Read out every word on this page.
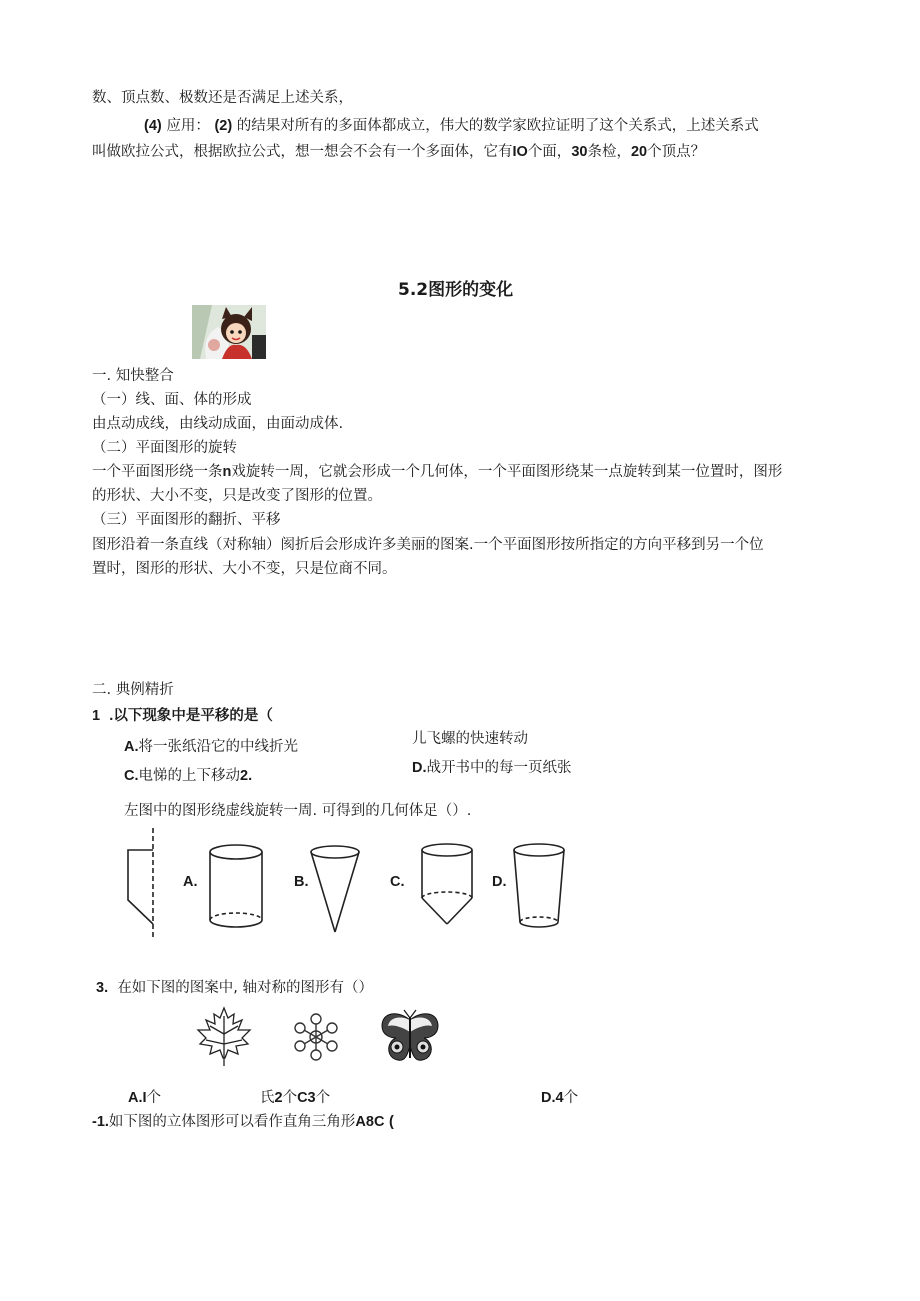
数、顶点数、极数还是否满足上述关系，
(4) 应用： (2) 的结果对所有的多面体都成立，伟大的数学家欧拉证明了这个关系式，上述关系式
叫做欧拉公式，根据欧拉公式，想一想会不会有一个多面体，它有IO个面，30条检，20个顶点？
5.2图形的变化
一. 知快整合
（一）线、面、体的形成
由点动成线，由线动成面，由面动成体.
（二）平面图形的旋转
一个平面图形绕一条n戏旋转一周，它就会形成一个几何体，一个平面图形绕某一点旋转到某一位置时，图形
的形状、大小不变，只是改变了图形的位置。
（三）平面图形的翻折、平移
图形沿着一条直线（对称轴）阂折后会形成许多美丽的图案.一个平面图形按所指定的方向平移到另一个位
置时，图形的形状、大小不变，只是位商不同。
二. 典例精折
1 .以下现象中是平移的是（
A.将一张纸沿它的中线折光	儿飞螺的快速转动
C.电悌的上下移动2.	D.战开书中的每一页纸张
左图中的图形绕虚线旋转一周. 可得到的几何体足（）.
A.	B.	C.	D.
3. 在如下图的图案中, 轴对称的图形有（）
A.I个	氏2个C3个	D.4个
-1.如下图的立体图形可以看作直角三角形A8C (
